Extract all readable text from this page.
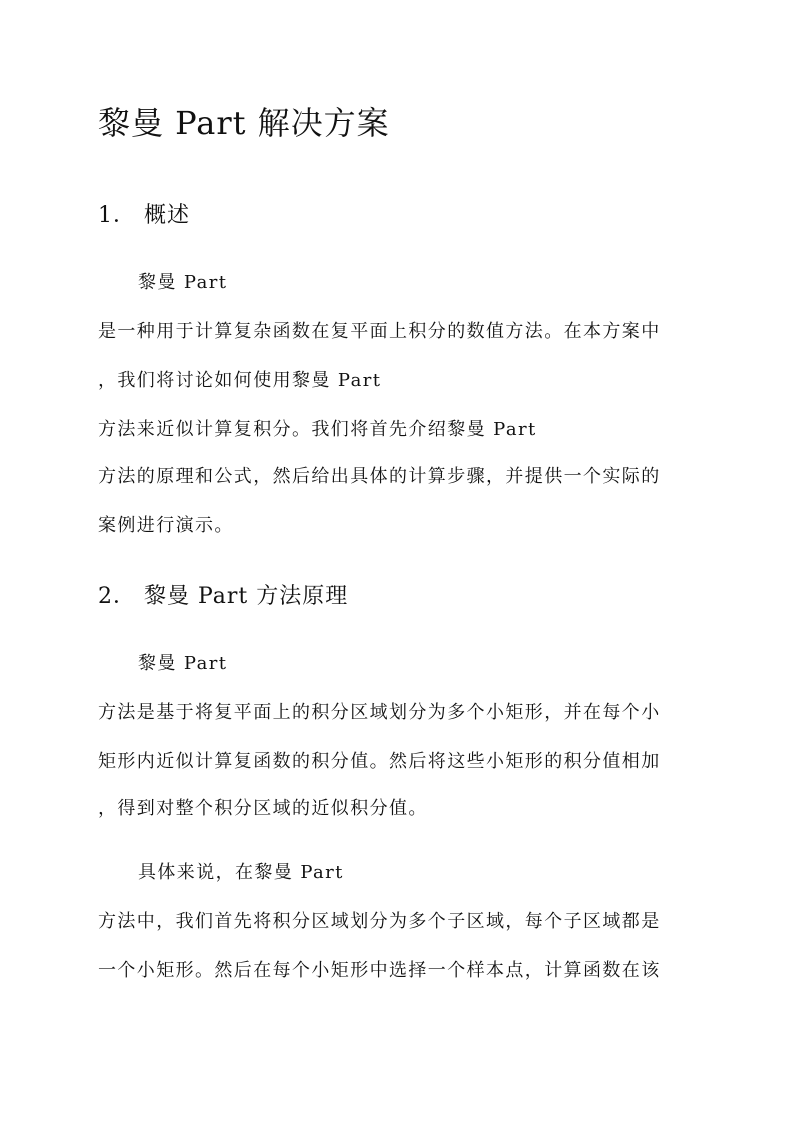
黎曼 Part 解决方案
1． 概述

黎曼 Part

是一种用于计算复杂函数在复平面上积分的数值方法。在本方案中

，我们将讨论如何使用黎曼 Part

方法来近似计算复积分。我们将首先介绍黎曼 Part

方法的原理和公式，然后给出具体的计算步骤，并提供一个实际的

案例进行演示。

2． 黎曼 Part 方法原理

黎曼 Part

方法是基于将复平面上的积分区域划分为多个小矩形，并在每个小

矩形内近似计算复函数的积分值。然后将这些小矩形的积分值相加

，得到对整个积分区域的近似积分值。

具体来说，在黎曼 Part

方法中，我们首先将积分区域划分为多个子区域，每个子区域都是

一个小矩形。然后在每个小矩形中选择一个样本点，计算函数在该
